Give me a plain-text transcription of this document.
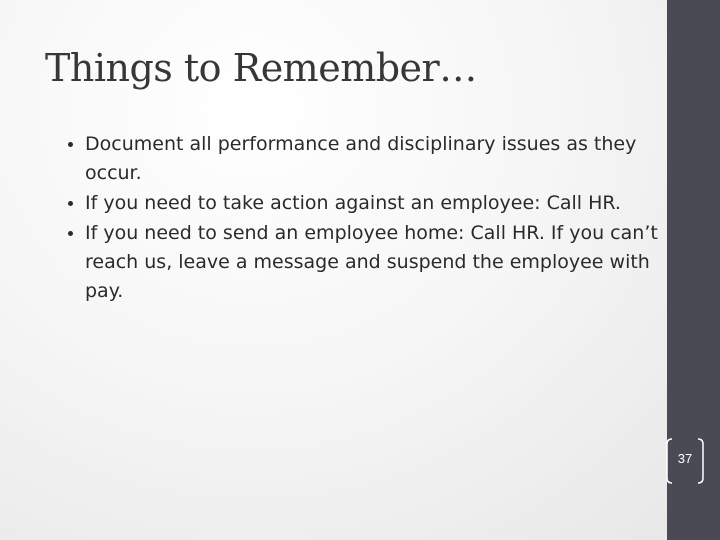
Things to Remember…
Document all performance and disciplinary issues as they occur.
If you need to take action against an employee: Call HR.
If you need to send an employee home: Call HR. If you can’t reach us, leave a message and suspend the employee with pay.
37
